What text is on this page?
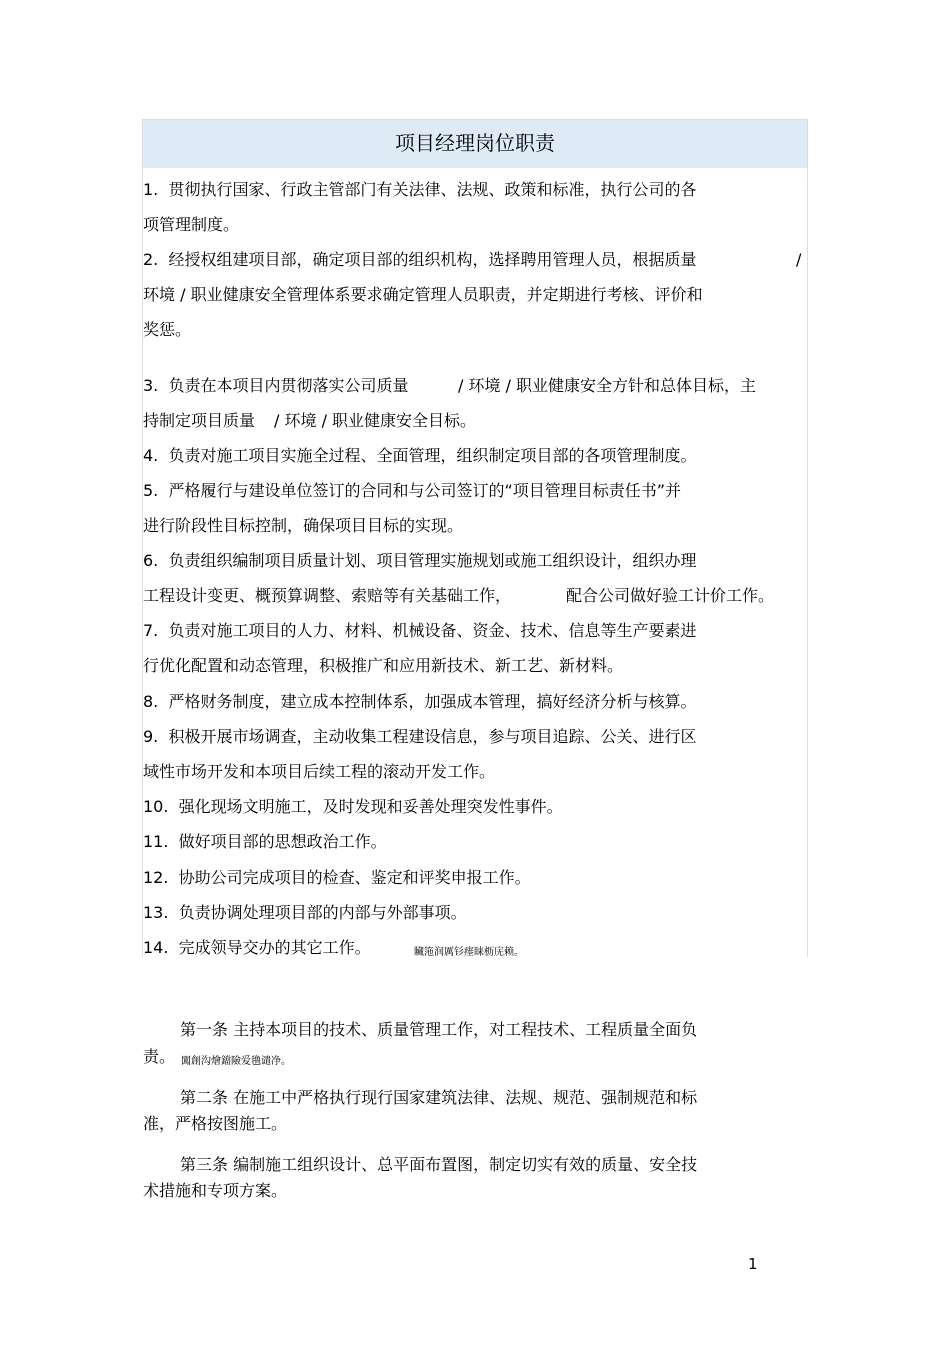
项目经理岗位职责
1. 贯彻执行国家、行政主管部门有关法律、法规、政策和标准，执行公司的各
项管理制度。
2. 经授权组建项目部，确定项目部的组织机构，选择聘用管理人员，根据质量	/
环境 / 职业健康安全管理体系要求确定管理人员职责，并定期进行考核、评价和
奖惩。
3. 负责在本项目内贯彻落实公司质量	/ 环境 / 职业健康安全方针和总体目标，主
持制定项目质量 / 环境 / 职业健康安全目标。
4. 负责对施工项目实施全过程、全面管理，组织制定项目部的各项管理制度。
5. 严格履行与建设单位签订的合同和与公司签订的“项目管理目标责任书”并
进行阶段性目标控制，确保项目目标的实现。
6. 负责组织编制项目质量计划、项目管理实施规划或施工组织设计，组织办理
工程设计变更、概预算调整、索赔等有关基础工作，	配合公司做好验工计价工作。
7. 负责对施工项目的人力、材料、机械设备、资金、技术、信息等生产要素进
行优化配置和动态管理，积极推广和应用新技术、新工艺、新材料。
8. 严格财务制度，建立成本控制体系，加强成本管理，搞好经济分析与核算。
9. 积极开展市场调查，主动收集工程建设信息，参与项目追踪、公关、进行区
域性市场开发和本项目后续工程的滚动开发工作。
10. 强化现场文明施工，及时发现和妥善处理突发性事件。
11. 做好项目部的思想政治工作。
12. 协助公司完成项目的检查、鉴定和评奖申报工作。
13. 负责协调处理项目部的内部与外部事项。
14. 完成领导交办的其它工作。	贜筂润厲钐瘗睐枥庑赖。
第一条 主持本项目的技术、质量管理工作，对工程技术、工程质量全面负
责。 闖創沟燴鐺險爱氇谴净。
第二条 在施工中严格执行现行国家建筑法律、法规、规范、强制规范和标
准，严格按图施工。
第三条 编制施工组织设计、总平面布置图，制定切实有效的质量、安全技
术措施和专项方案。
1
